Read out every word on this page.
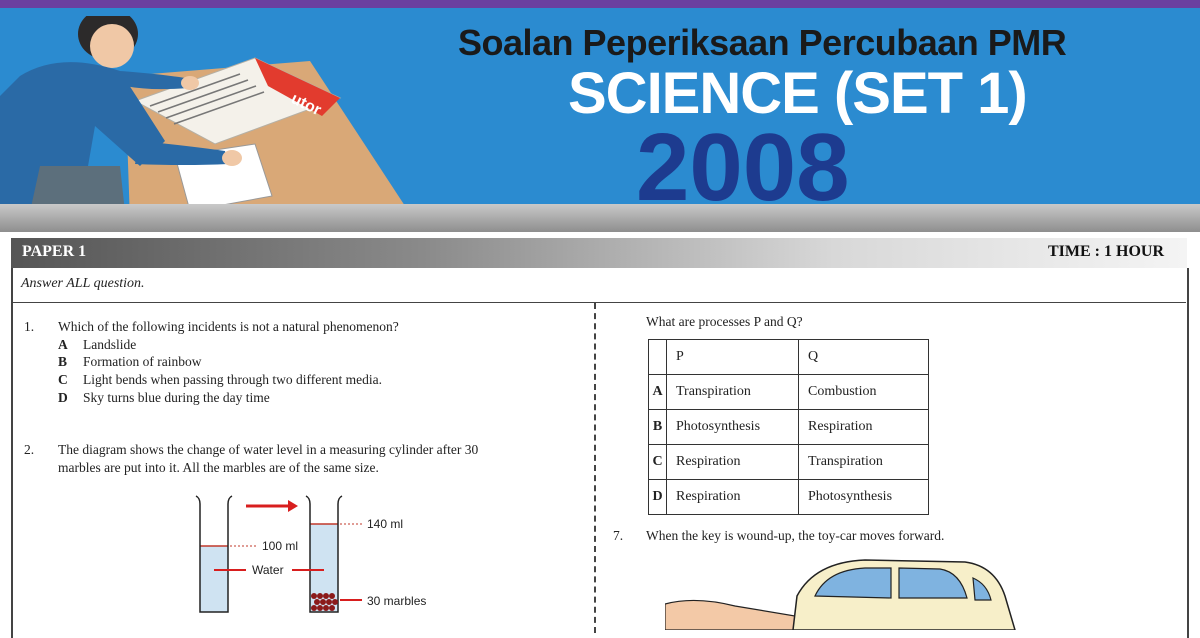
utor
Soalan Peperiksaan Percubaan PMR
SCIENCE (SET 1)
2008
PAPER 1	TIME : 1 HOUR
Answer ALL question.
1. Which of the following incidents is not a natural phenomenon?
A Landslide
B Formation of rainbow
C Light bends when passing through two different media.
D Sky turns blue during the day time
2. The diagram shows the change of water level in a measuring cylinder after 30
marbles are put into it. All the marbles are of the same size.
100 ml
Water
140 ml
30 marbles
What are processes P and Q?
	P	Q
A	Transpiration	Combustion
B	Photosynthesis	Respiration
C	Respiration	Transpiration
D	Respiration	Photosynthesis
7. When the key is wound-up, the toy-car moves forward.
